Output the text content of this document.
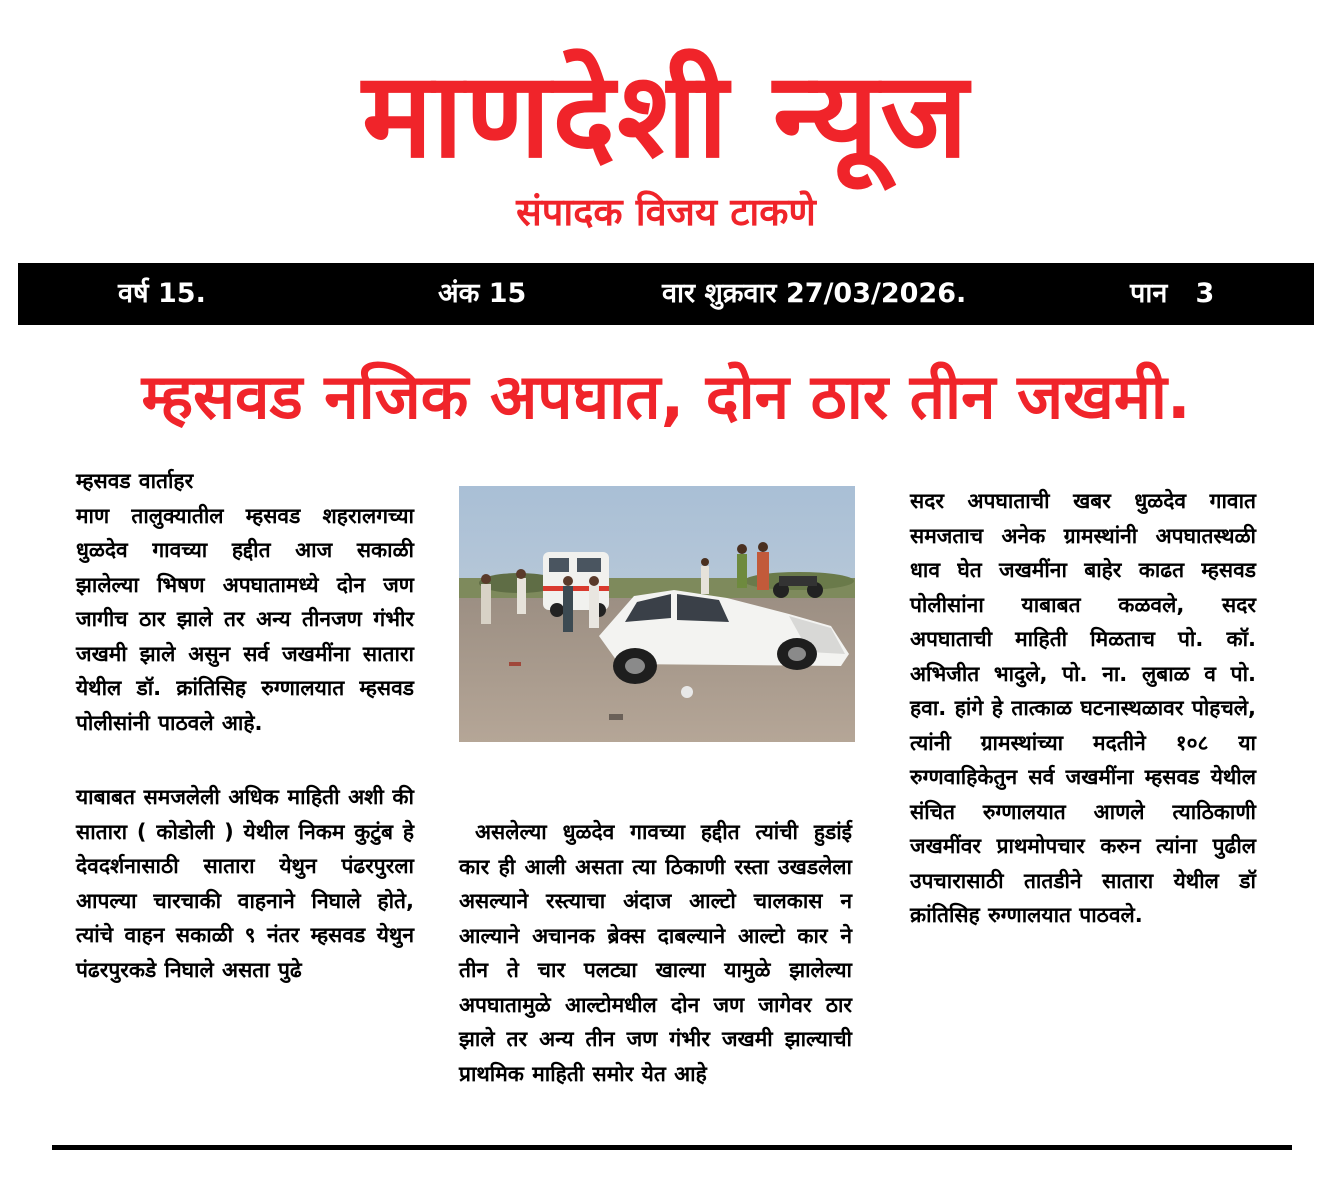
माणदेशी न्यूज
संपादक विजय टाकणे
वर्ष 15.	अंक 15	वार शुक्रवार 27/03/2026.	पान   3
म्हसवड नजिक अपघात, दोन ठार तीन जखमी.

म्हसवड वार्ताहर

माण तालुक्यातील म्हसवड शहरालगच्या धुळदेव गावच्या हद्दीत आज सकाळी झालेल्या भिषण अपघातामध्ये दोन जण जागीच ठार झाले तर अन्य तीनजण गंभीर जखमी झाले असुन सर्व जखमींना सातारा येथील डॉ. क्रांतिसिह रुग्णालयात म्हसवड पोलीसांनी पाठवले आहे.

याबाबत समजलेली अधिक माहिती अशी की सातारा ( कोडोली ) येथील निकम कुटुंब हे देवदर्शनासाठी सातारा येथुन पंढरपुरला आपल्या चारचाकी वाहनाने निघाले होते, त्यांचे वाहन सकाळी ९ नंतर म्हसवड येथुन पंढरपुरकडे निघाले असता पुढे

असलेल्या धुळदेव गावच्या हद्दीत त्यांची हुडांई कार ही आली असता त्या ठिकाणी रस्ता उखडलेला असल्याने रस्त्याचा अंदाज आल्टो चालकास न आल्याने अचानक ब्रेक्स दाबल्याने आल्टो कार ने तीन ते चार पलट्या खाल्या यामुळे झालेल्या अपघातामुळे आल्टोमधील दोन जण जागेवर ठार झाले तर अन्य तीन जण गंभीर जखमी झाल्याची प्राथमिक माहिती समोर येत आहे

सदर अपघाताची खबर धुळदेव गावात समजताच अनेक ग्रामस्थांनी अपघातस्थळी धाव घेत जखमींना बाहेर काढत म्हसवड पोलीसांना याबाबत कळवले, सदर अपघाताची माहिती मिळताच पो. कॉ. अभिजीत भादुले, पो. ना. लुबाळ व पो. हवा. हांगे हे तात्काळ घटनास्थळावर पोहचले, त्यांनी ग्रामस्थांच्या मदतीने १०८ या रुग्णवाहिकेतुन सर्व जखमींना म्हसवड येथील संचित रुग्णालयात आणले त्याठिकाणी जखमींवर प्राथमोपचार करुन त्यांना पुढील उपचारासाठी तातडीने सातारा येथील डॉ क्रांतिसिह रुग्णालयात पाठवले.
